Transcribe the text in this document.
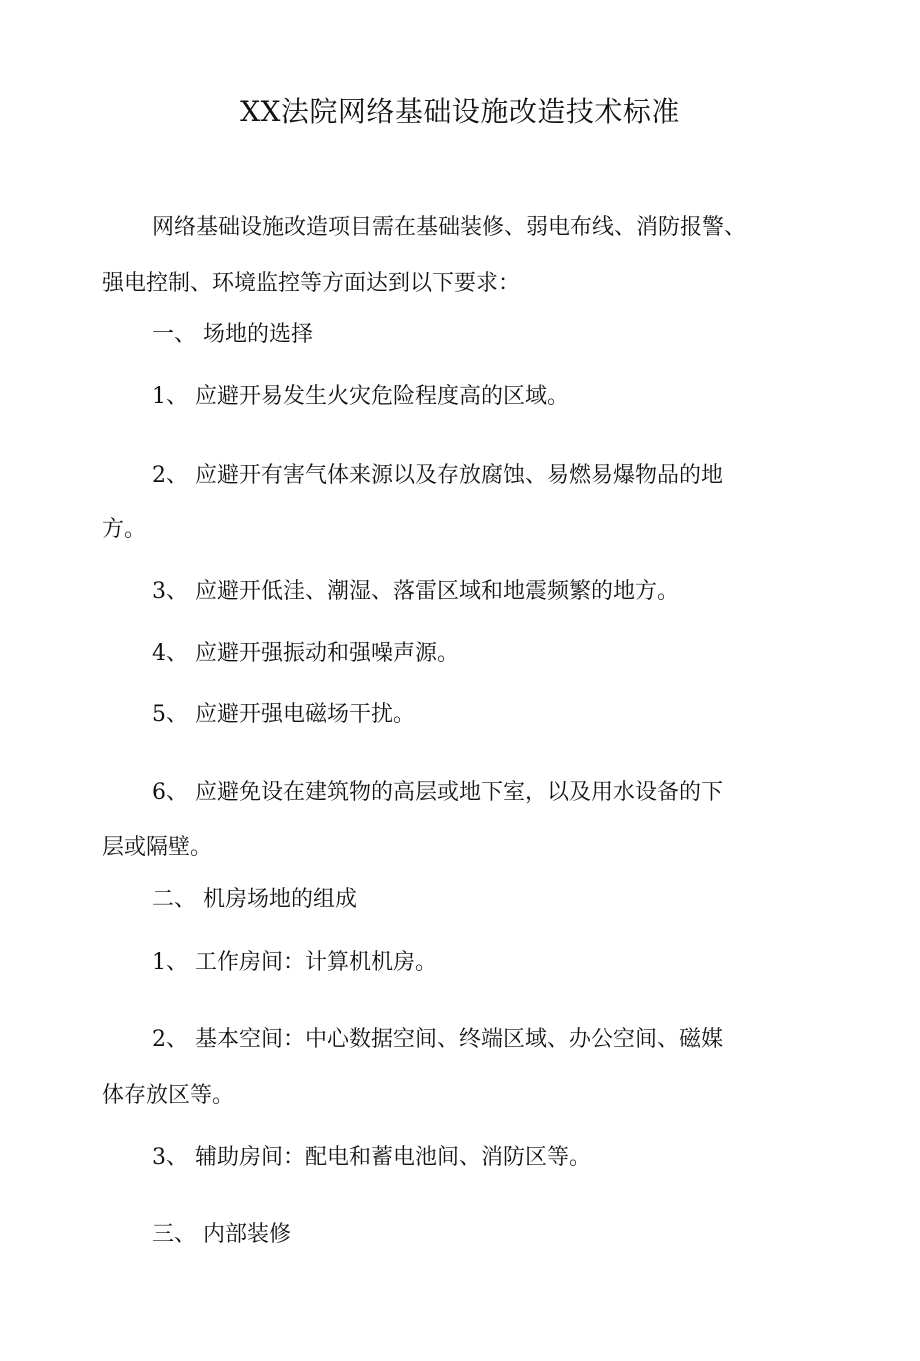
XX法院网络基础设施改造技术标准
网络基础设施改造项目需在基础装修、弱电布线、消防报警、
强电控制、环境监控等方面达到以下要求：
一、 场地的选择
1、 应避开易发生火灾危险程度高的区域。
2、 应避开有害气体来源以及存放腐蚀、易燃易爆物品的地
方。
3、 应避开低洼、潮湿、落雷区域和地震频繁的地方。
4、 应避开强振动和强噪声源。
5、 应避开强电磁场干扰。
6、 应避免设在建筑物的高层或地下室，以及用水设备的下
层或隔壁。
二、 机房场地的组成
1、 工作房间：计算机机房。
2、 基本空间：中心数据空间、终端区域、办公空间、磁媒
体存放区等。
3、 辅助房间：配电和蓄电池间、消防区等。
三、 内部装修
